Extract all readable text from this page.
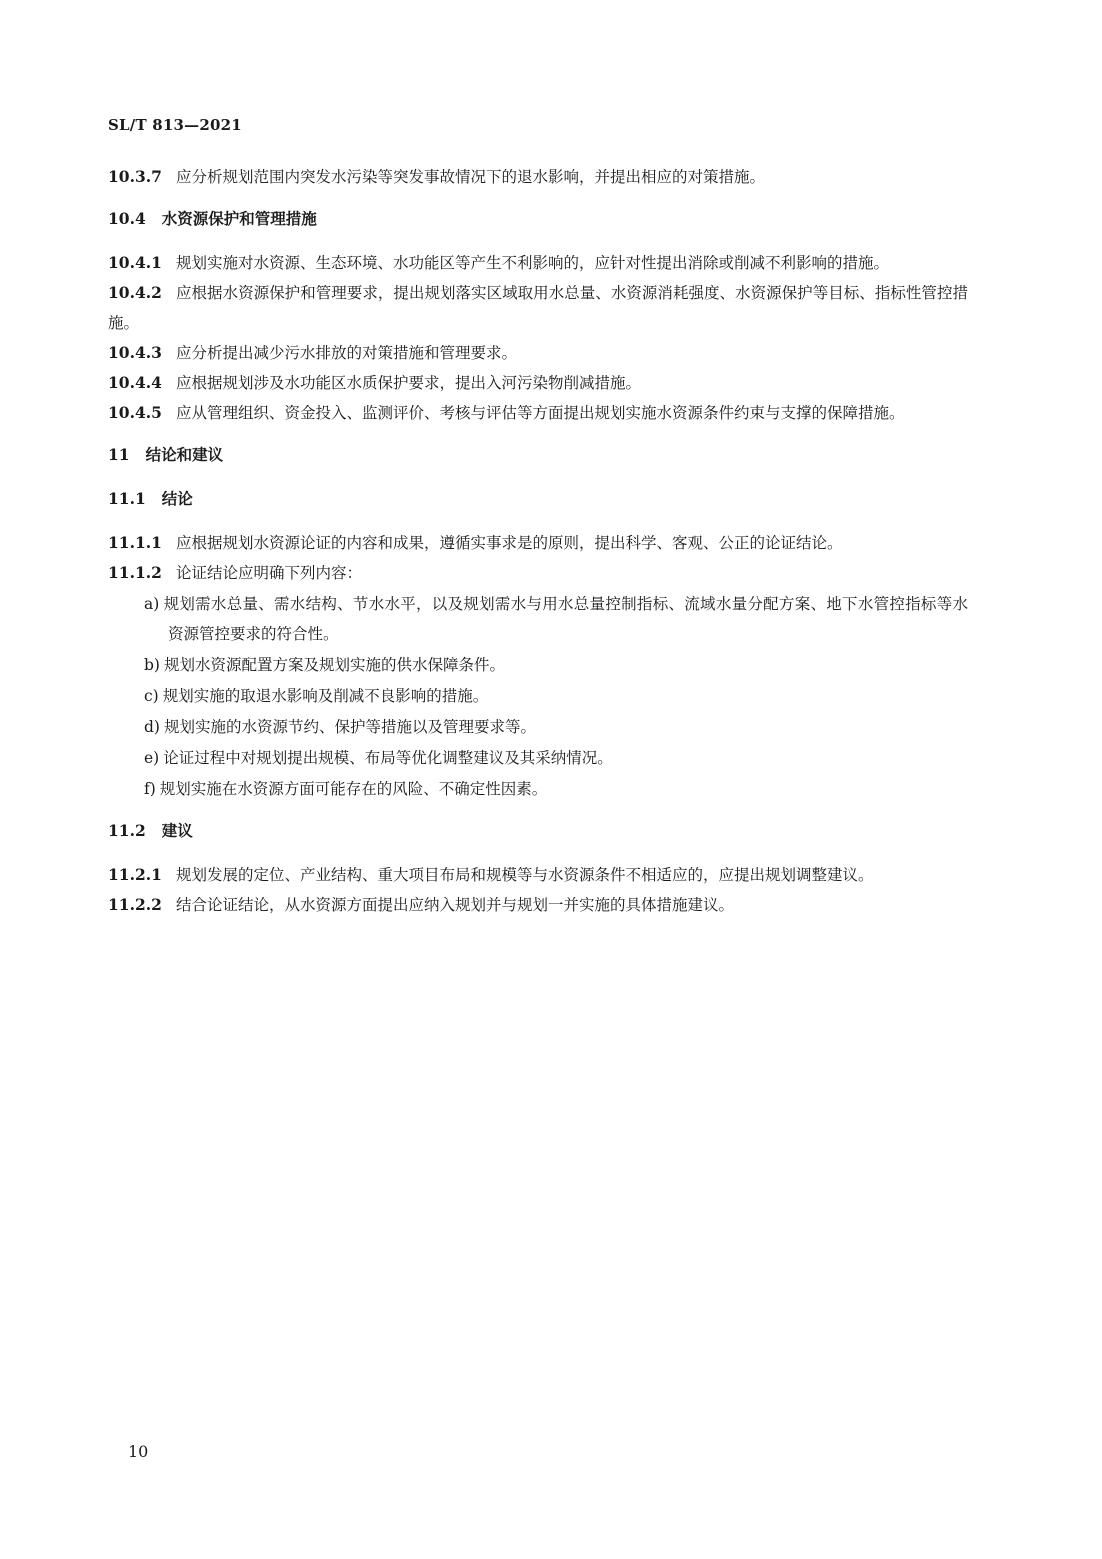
SL/T 813—2021

10.3.7 应分析规划范围内突发水污染等突发事故情况下的退水影响，并提出相应的对策措施。

10.4 水资源保护和管理措施

10.4.1 规划实施对水资源、生态环境、水功能区等产生不利影响的，应针对性提出消除或削减不利影响的措施。

10.4.2 应根据水资源保护和管理要求，提出规划落实区域取用水总量、水资源消耗强度、水资源保护等目标、指标性管控措施。

10.4.3 应分析提出减少污水排放的对策措施和管理要求。

10.4.4 应根据规划涉及水功能区水质保护要求，提出入河污染物削减措施。

10.4.5 应从管理组织、资金投入、监测评价、考核与评估等方面提出规划实施水资源条件约束与支撑的保障措施。

11 结论和建议
11.1 结论

11.1.1 应根据规划水资源论证的内容和成果，遵循实事求是的原则，提出科学、客观、公正的论证结论。

11.1.2 论证结论应明确下列内容：

a) 规划需水总量、需水结构、节水水平，以及规划需水与用水总量控制指标、流域水量分配方案、地下水管控指标等水资源管控要求的符合性。
b) 规划水资源配置方案及规划实施的供水保障条件。
c) 规划实施的取退水影响及削减不良影响的措施。
d) 规划实施的水资源节约、保护等措施以及管理要求等。
e) 论证过程中对规划提出规模、布局等优化调整建议及其采纳情况。
f) 规划实施在水资源方面可能存在的风险、不确定性因素。
11.2 建议

11.2.1 规划发展的定位、产业结构、重大项目布局和规模等与水资源条件不相适应的，应提出规划调整建议。

11.2.2 结合论证结论，从水资源方面提出应纳入规划并与规划一并实施的具体措施建议。

10
